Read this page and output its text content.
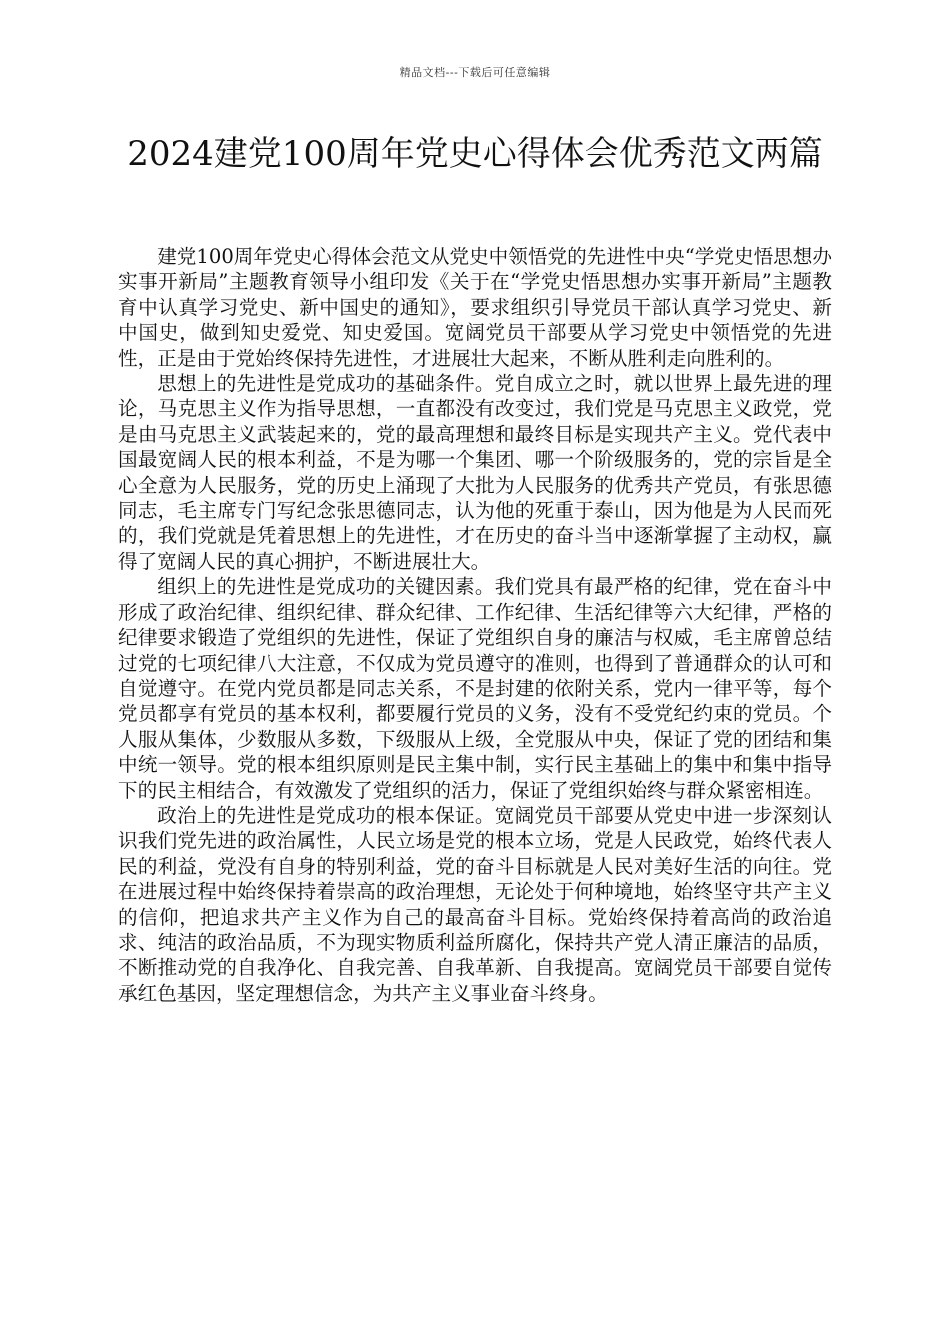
精品文档---下载后可任意编辑
2024建党100周年党史心得体会优秀范文两篇

建党100周年党史心得体会范文从党史中领悟党的先进性中央“学党史悟思想办实事开新局”主题教育领导小组印发《关于在“学党史悟思想办实事开新局”主题教育中认真学习党史、新中国史的通知》，要求组织引导党员干部认真学习党史、新中国史，做到知史爱党、知史爱国。宽阔党员干部要从学习党史中领悟党的先进性，正是由于党始终保持先进性，才进展壮大起来，不断从胜利走向胜利的。

思想上的先进性是党成功的基础条件。党自成立之时，就以世界上最先进的理论，马克思主义作为指导思想，一直都没有改变过，我们党是马克思主义政党，党是由马克思主义武装起来的，党的最高理想和最终目标是实现共产主义。党代表中国最宽阔人民的根本利益，不是为哪一个集团、哪一个阶级服务的，党的宗旨是全心全意为人民服务，党的历史上涌现了大批为人民服务的优秀共产党员，有张思德同志，毛主席专门写纪念张思德同志，认为他的死重于泰山，因为他是为人民而死的，我们党就是凭着思想上的先进性，才在历史的奋斗当中逐渐掌握了主动权，赢得了宽阔人民的真心拥护，不断进展壮大。

组织上的先进性是党成功的关键因素。我们党具有最严格的纪律，党在奋斗中形成了政治纪律、组织纪律、群众纪律、工作纪律、生活纪律等六大纪律，严格的纪律要求锻造了党组织的先进性，保证了党组织自身的廉洁与权威，毛主席曾总结过党的七项纪律八大注意，不仅成为党员遵守的准则，也得到了普通群众的认可和自觉遵守。在党内党员都是同志关系，不是封建的依附关系，党内一律平等，每个党员都享有党员的基本权利，都要履行党员的义务，没有不受党纪约束的党员。个人服从集体，少数服从多数，下级服从上级，全党服从中央，保证了党的团结和集中统一领导。党的根本组织原则是民主集中制，实行民主基础上的集中和集中指导下的民主相结合，有效激发了党组织的活力，保证了党组织始终与群众紧密相连。

政治上的先进性是党成功的根本保证。宽阔党员干部要从党史中进一步深刻认识我们党先进的政治属性，人民立场是党的根本立场，党是人民政党，始终代表人民的利益，党没有自身的特别利益，党的奋斗目标就是人民对美好生活的向往。党在进展过程中始终保持着崇高的政治理想，无论处于何种境地，始终坚守共产主义的信仰，把追求共产主义作为自己的最高奋斗目标。党始终保持着高尚的政治追求、纯洁的政治品质，不为现实物质利益所腐化，保持共产党人清正廉洁的品质，不断推动党的自我净化、自我完善、自我革新、自我提高。宽阔党员干部要自觉传承红色基因，坚定理想信念，为共产主义事业奋斗终身。
